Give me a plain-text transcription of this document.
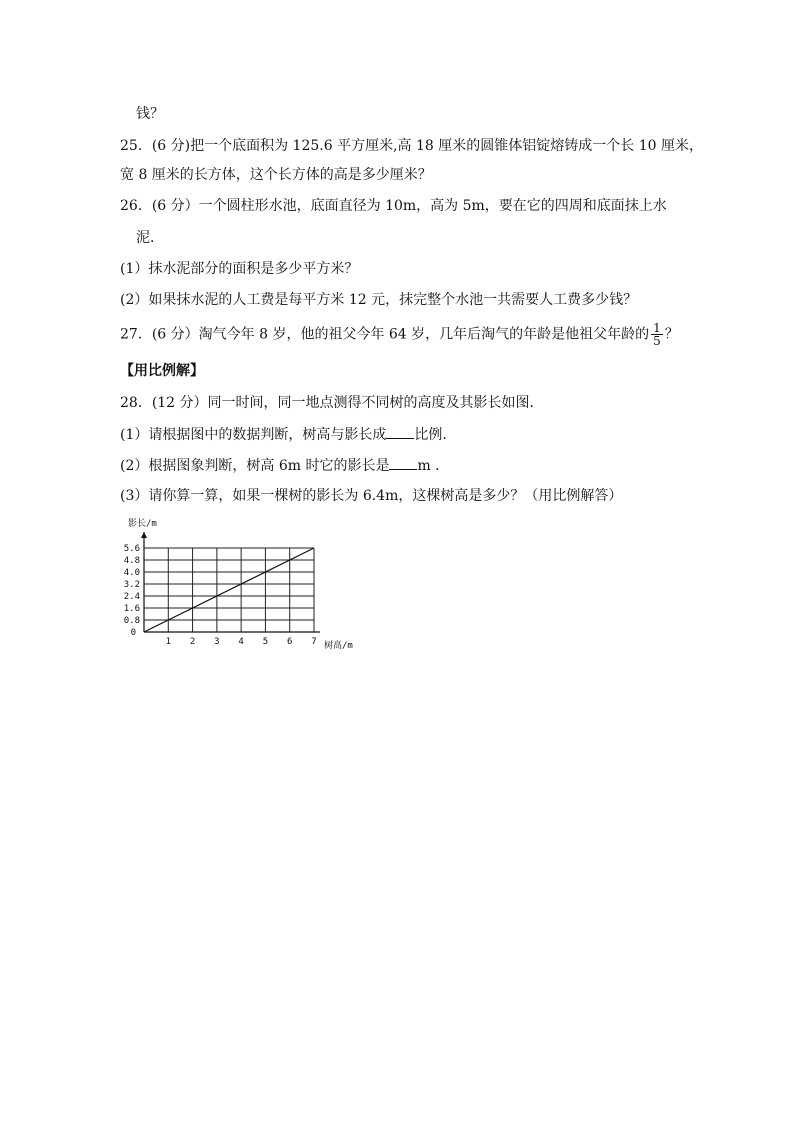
钱？
25．(6 分)把一个底面积为 125.6 平方厘米,高 18 厘米的圆锥体铝锭熔铸成一个长 10 厘米，
宽 8 厘米的长方体，这个长方体的高是多少厘米？
26．(6 分）一个圆柱形水池，底面直径为 10m，高为 5m，要在它的四周和底面抹上水
泥．
(1）抹水泥部分的面积是多少平方米？
(2）如果抹水泥的人工费是每平方米 12 元，抹完整个水池一共需要人工费多少钱？
27．(6 分）淘气今年 8 岁，他的祖父今年 64 岁，几年后淘气的年龄是他祖父年龄的 $\frac{1}{5}$ ？
【用比例解】
28．(12 分）同一时间，同一地点测得不同树的高度及其影长如图．
(1）请根据图中的数据判断，树高与影长成 比例．
(2）根据图象判断，树高 6m 时它的影长是 m ．
(3）请你算一算，如果一棵树的影长为 6.4m，这棵树高是多少？（用比例解答）
1 2 3 4 5 6 7
0.8
1.6
2.4
3.2
4.0
4.8
5.6
0
影长/m
树高/m
